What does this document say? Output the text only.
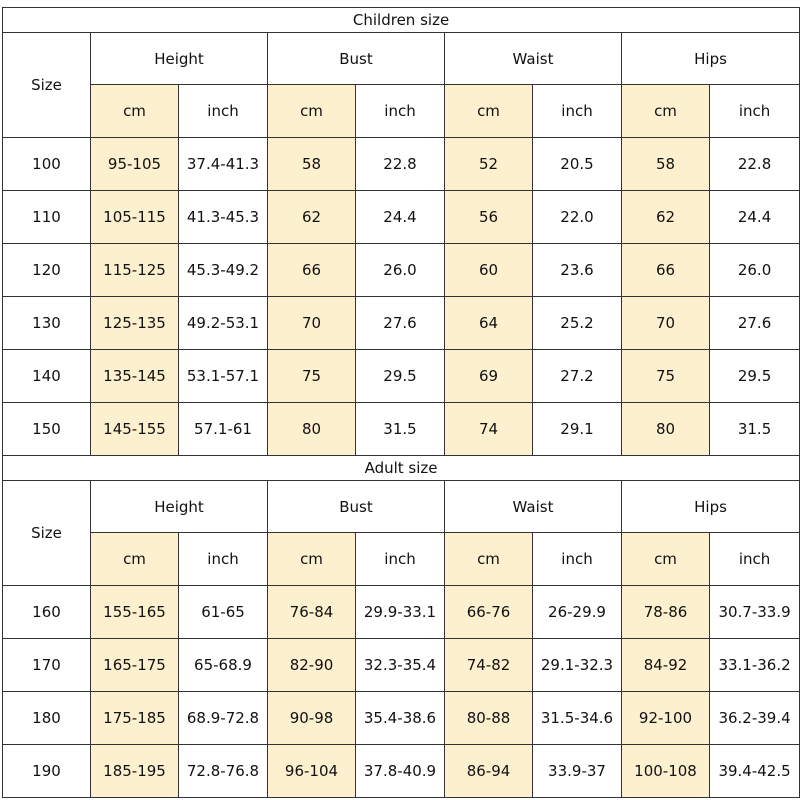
Children size								
Size	Height		Bust		Waist		Hips	
	cm	inch	cm	inch	cm	inch	cm	inch
100	95-105	37.4-41.3	58	22.8	52	20.5	58	22.8
110	105-115	41.3-45.3	62	24.4	56	22.0	62	24.4
120	115-125	45.3-49.2	66	26.0	60	23.6	66	26.0
130	125-135	49.2-53.1	70	27.6	64	25.2	70	27.6
140	135-145	53.1-57.1	75	29.5	69	27.2	75	29.5
150	145-155	57.1-61	80	31.5	74	29.1	80	31.5
Adult size								
Size	Height		Bust		Waist		Hips	
	cm	inch	cm	inch	cm	inch	cm	inch
160	155-165	61-65	76-84	29.9-33.1	66-76	26-29.9	78-86	30.7-33.9
170	165-175	65-68.9	82-90	32.3-35.4	74-82	29.1-32.3	84-92	33.1-36.2
180	175-185	68.9-72.8	90-98	35.4-38.6	80-88	31.5-34.6	92-100	36.2-39.4
190	185-195	72.8-76.8	96-104	37.8-40.9	86-94	33.9-37	100-108	39.4-42.5
